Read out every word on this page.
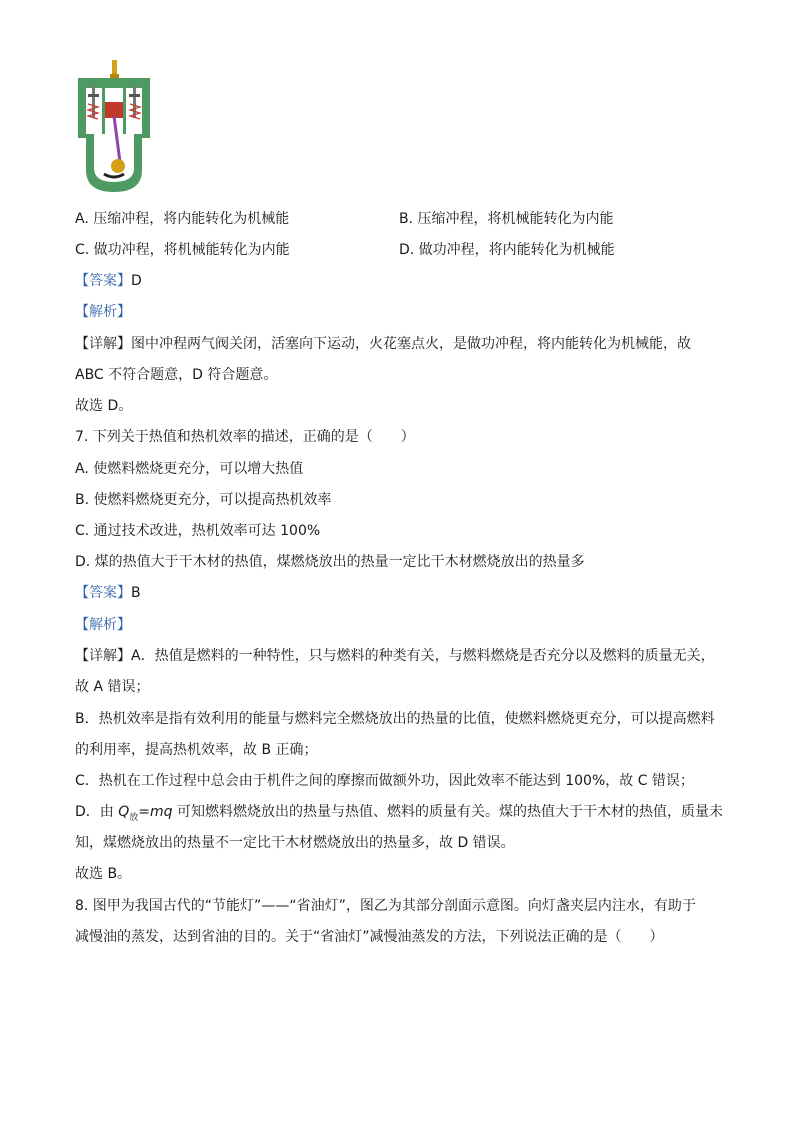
A. 压缩冲程，将内能转化为机械能	B. 压缩冲程，将机械能转化为内能
C. 做功冲程，将机械能转化为内能	D. 做功冲程，将内能转化为机械能
【答案】D
【解析】
【详解】图中冲程两气阀关闭，活塞向下运动，火花塞点火，是做功冲程，将内能转化为机械能，故
ABC 不符合题意，D 符合题意。
故选 D。
7. 下列关于热值和热机效率的描述，正确的是（　　）
A. 使燃料燃烧更充分，可以增大热值
B. 使燃料燃烧更充分，可以提高热机效率
C. 通过技术改进，热机效率可达 100%
D. 煤的热值大于干木材的热值，煤燃烧放出的热量一定比干木材燃烧放出的热量多
【答案】B
【解析】
【详解】A．热值是燃料的一种特性，只与燃料的种类有关，与燃料燃烧是否充分以及燃料的质量无关，
故 A 错误；
B．热机效率是指有效利用的能量与燃料完全燃烧放出的热量的比值，使燃料燃烧更充分，可以提高燃料
的利用率，提高热机效率，故 B 正确；
C．热机在工作过程中总会由于机件之间的摩擦而做额外功，因此效率不能达到 100%，故 C 错误；
D．由 $Q_放=mq$ 可知燃料燃烧放出的热量与热值、燃料的质量有关。煤的热值大于干木材的热值，质量未
知，煤燃烧放出的热量不一定比干木材燃烧放出的热量多，故 D 错误。
故选 B。
8. 图甲为我国古代的“节能灯”——“省油灯”，图乙为其部分剖面示意图。向灯盏夹层内注水，有助于
减慢油的蒸发，达到省油的目的。关于“省油灯”减慢油蒸发的方法，下列说法正确的是（　　）
